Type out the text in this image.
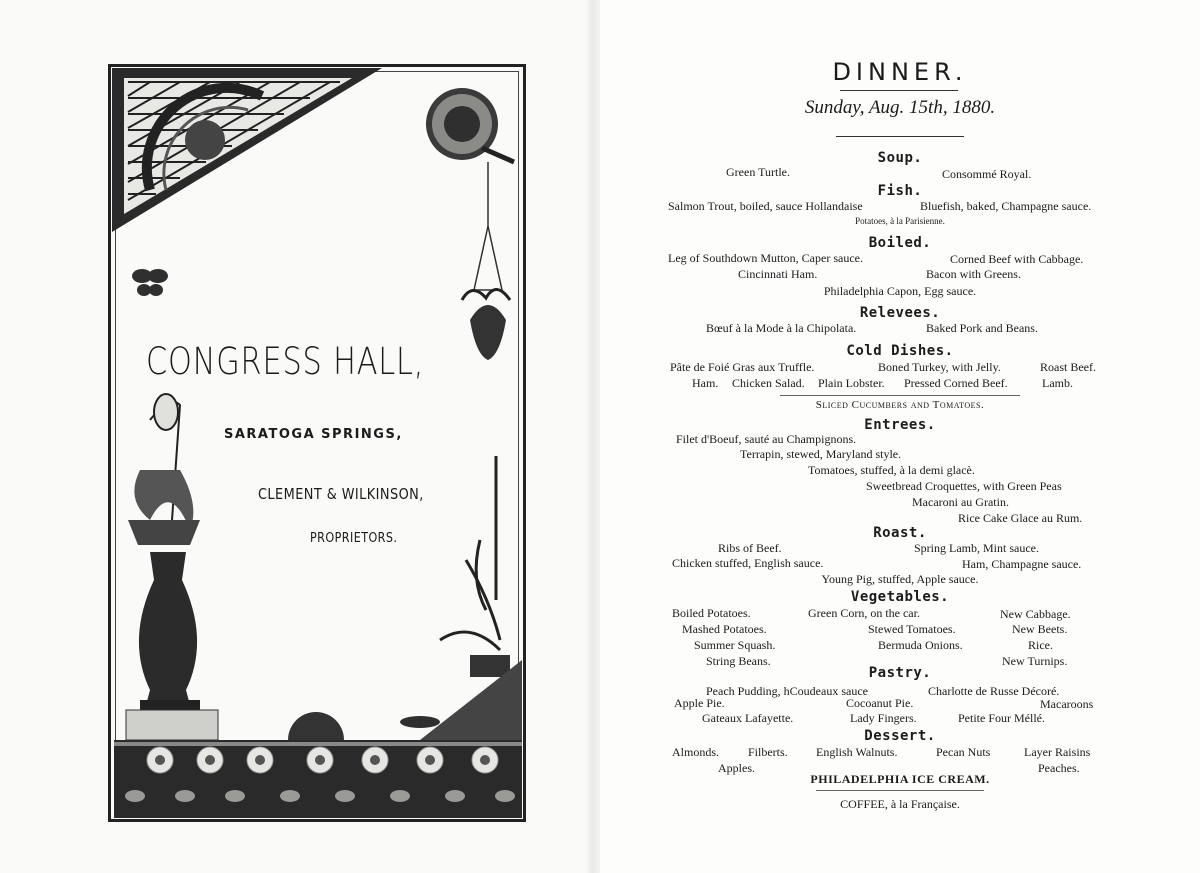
CONGRESS HALL,
SARATOGA SPRINGS,
CLEMENT & WILKINSON,
PROPRIETORS.
DINNER.
Sunday, Aug. 15th, 1880.
Soup.
Green Turtle.	Consommé Royal.
Fish.
Salmon Trout, boiled, sauce Hollandaise	Bluefish, baked, Champagne sauce.
Potatoes, à la Parisienne.
Boiled.
Leg of Southdown Mutton, Caper sauce.	Corned Beef with Cabbage.
Cincinnati Ham.	Bacon with Greens.
Philadelphia Capon, Egg sauce.
Relevees.
Bœuf à la Mode à la Chipolata.	Baked Pork and Beans.
Cold Dishes.
Pâte de Foié Gras aux Truffle.	Boned Turkey, with Jelly.	Roast Beef.
Ham. Chicken Salad. Plain Lobster. Pressed Corned Beef.	Lamb.
Sliced Cucumbers and Tomatoes.
Entrees.
Filet d'Boeuf, sauté au Champignons.
Terrapin, stewed, Maryland style.
Tomatoes, stuffed, à la demi glacè.
Sweetbread Croquettes, with Green Peas
Macaroni au Gratin.
Rice Cake Glace au Rum.
Roast.
Ribs of Beef.	Spring Lamb, Mint sauce.
Chicken stuffed, English sauce.	Ham, Champagne sauce.
Young Pig, stuffed, Apple sauce.
Vegetables.
Boiled Potatoes.	Green Corn, on the car.	New Cabbage.
Mashed Potatoes.	Stewed Tomatoes.	New Beets.
Summer Squash.	Bermuda Onions.	Rice.
String Beans.	New Turnips.
Pastry.
Peach Pudding, hCoudeaux sauce	Charlotte de Russe Décoré.
Apple Pie.	Cocoanut Pie.	Macaroons
Gateaux Lafayette.	Lady Fingers.	Petite Four Méllé.
Dessert.
Almonds. Filberts. English Walnuts.	Pecan Nuts	Layer Raisins
Apples.	Peaches.
PHILADELPHIA ICE CREAM.
COFFEE, à la Française.
